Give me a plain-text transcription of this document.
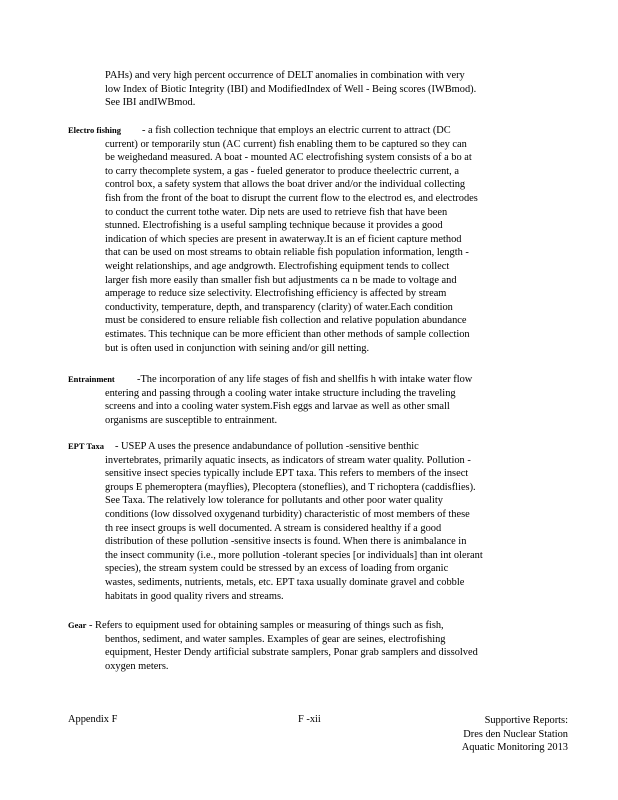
PAHs) and very high percent occurrence of DELT anomalies in combination with very
low Index of Biotic Integrity (IBI) and ModifiedIndex of Well - Being scores (IWBmod).
See IBI andIWBmod.
Electro fishing - a fish collection technique that employs an electric current to attract (DC
current) or temporarily stun (AC current) fish enabling them to be captured so they can
be weighedand measured. A boat - mounted AC electrofishing system consists of a bo at
to carry thecomplete system, a gas - fueled generator to produce theelectric current, a
control box, a safety system that allows the boat driver and/or the individual collecting
fish from the front of the boat to disrupt the current flow to the electrod es, and electrodes
to conduct the current tothe water. Dip nets are used to retrieve fish that have been
stunned. Electrofishing is a useful sampling technique because it provides a good
indication of which species are present in awaterway.It is an ef ficient capture method
that can be used on most streams to obtain reliable fish population information, length -
weight relationships, and age andgrowth. Electrofishing equipment tends to collect
larger fish more easily than smaller fish but adjustments ca n be made to voltage and
amperage to reduce size selectivity. Electrofishing efficiency is affected by stream
conductivity, temperature, depth, and transparency (clarity) of water.Each condition
must be considered to ensure reliable fish collection and relative population abundance
estimates. This technique can be more efficient than other methods of sample collection
but is often used in conjunction with seining and/or gill netting.
Entrainment -The incorporation of any life stages of fish and shellfis h with intake water flow
entering and passing through a cooling water intake structure including the traveling
screens and into a cooling water system.Fish eggs and larvae as well as other small
organisms are susceptible to entrainment.
EPT Taxa - USEP A uses the presence andabundance of pollution -sensitive benthic
invertebrates, primarily aquatic insects, as indicators of stream water quality. Pollution -
sensitive insect species typically include EPT taxa. This refers to members of the insect
groups E phemeroptera (mayflies), Plecoptera (stoneflies), and T richoptera (caddisflies).
See Taxa. The relatively low tolerance for pollutants and other poor water quality
conditions (low dissolved oxygenand turbidity) characteristic of most members of these
th ree insect groups is well documented. A stream is considered healthy if a good
distribution of these pollution -sensitive insects is found. When there is animbalance in
the insect community (i.e., more pollution -tolerant species [or individuals] than int olerant
species), the stream system could be stressed by an excess of loading from organic
wastes, sediments, nutrients, metals, etc. EPT taxa usually dominate gravel and cobble
habitats in good quality rivers and streams.
Gear - Refers to equipment used for obtaining samples or measuring of things such as fish,
benthos, sediment, and water samples. Examples of gear are seines, electrofishing
equipment, Hester Dendy artificial substrate samplers, Ponar grab samplers and dissolved
oxygen meters.
Appendix F	F -xii	Supportive Reports:
Dres den Nuclear Station
Aquatic Monitoring 2013
